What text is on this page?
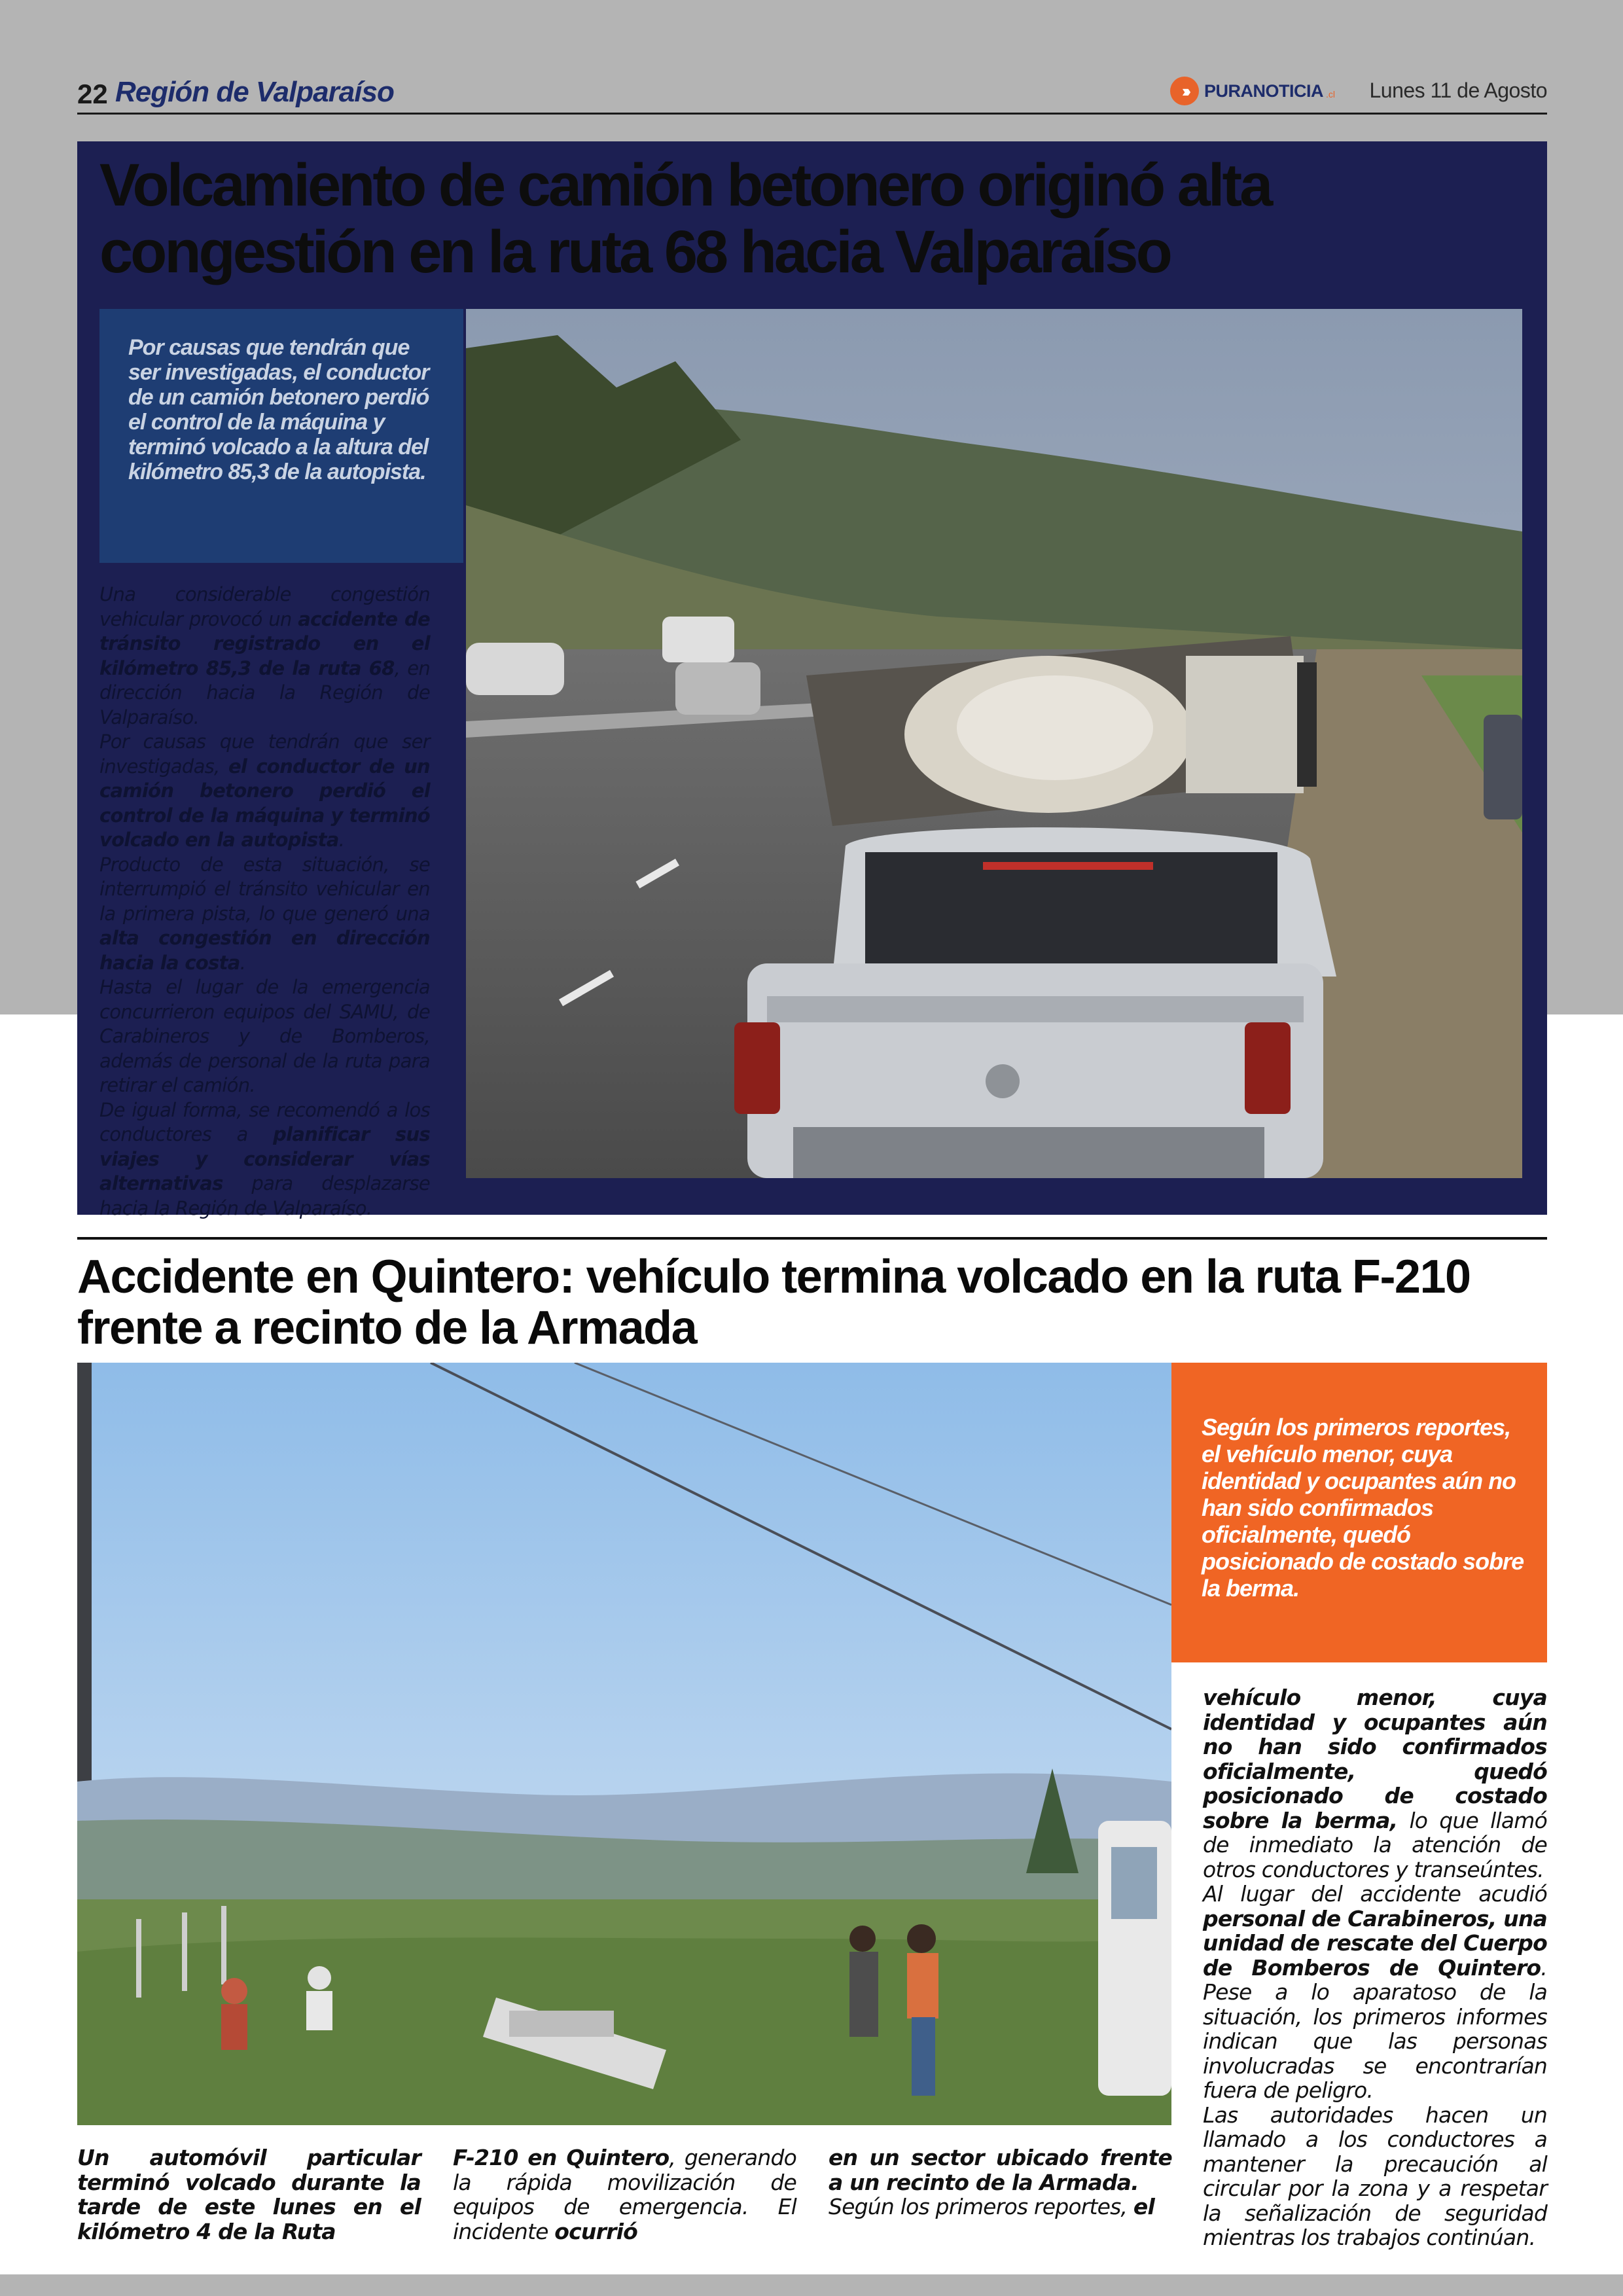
22 Región de Valparaíso	››› PURANOTICIA .cl Lunes 11 de Agosto
Volcamiento de camión betonero originó alta congestión en la ruta 68 hacia Valparaíso
Por causas que tendrán que ser investigadas, el conductor de un camión betonero perdió el control de la máquina y terminó volcado a la altura del kilómetro 85,3 de la autopista.

Una considerable congestión vehicular provocó un accidente de tránsito registrado en el kilómetro 85,3 de la ruta 68, en dirección hacia la Región de Valparaíso.

Por causas que tendrán que ser investigadas, el conductor de un camión betonero perdió el control de la máquina y terminó volcado en la autopista.

Producto de esta situación, se interrumpió el tránsito vehicular en la primera pista, lo que generó una alta congestión en dirección hacia la costa.

Hasta el lugar de la emergencia concurrieron equipos del SAMU, de Carabineros y de Bomberos, además de personal de la ruta para retirar el camión.

De igual forma, se recomendó a los conductores a planificar sus viajes y considerar vías alternativas para desplazarse hacia la Región de Valparaíso.

Accidente en Quintero: vehículo termina volcado en la ruta F-210 frente a recinto de la Armada
Según los primeros reportes, el vehículo menor, cuya identidad y ocupantes aún no han sido confirmados oficialmente, quedó posicionado de costado sobre la berma.

Un automóvil particular terminó volcado durante la tarde de este lunes en el kilómetro 4 de la Ruta

F-210 en Quintero, generando la rápida movilización de equipos de emergencia. El incidente ocurrió

en un sector ubicado frente a un recinto de la Armada.

Según los primeros reportes, el

vehículo menor, cuya identidad y ocupantes aún no han sido confirmados oficialmente, quedó posicionado de costado sobre la berma, lo que llamó de inmediato la atención de otros conductores y transeúntes.

Al lugar del accidente acudió personal de Carabineros, una unidad de rescate del Cuerpo de Bomberos de Quintero. Pese a lo aparatoso de la situación, los primeros informes indican que las personas involucradas se encontrarían fuera de peligro.

Las autoridades hacen un llamado a los conductores a mantener la precaución al circular por la zona y a respetar la señalización de seguridad mientras los trabajos continúan.
